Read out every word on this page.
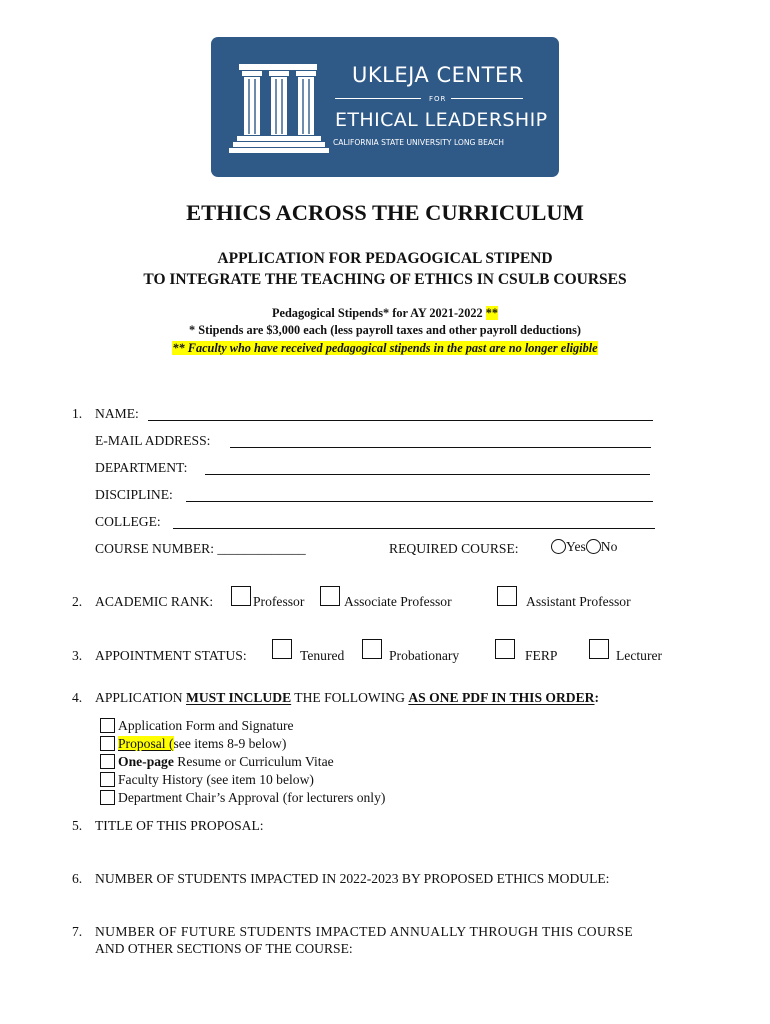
UKLEJA CENTER
FOR
ETHICAL LEADERSHIP
CALIFORNIA STATE UNIVERSITY LONG BEACH
ETHICS ACROSS THE CURRICULUM
APPLICATION FOR PEDAGOGICAL STIPEND
TO INTEGRATE THE TEACHING OF ETHICS IN CSULB COURSES
Pedagogical Stipends* for AY 2021-2022 **
* Stipends are $3,000 each (less payroll taxes and other payroll deductions)
** Faculty who have received pedagogical stipends in the past are no longer eligible
1. NAME:
E-MAIL ADDRESS:
DEPARTMENT:
DISCIPLINE:
COLLEGE:
COURSE NUMBER: _____________	REQUIRED COURSE:	Yes No
2. ACADEMIC RANK:	Professor	Associate Professor	Assistant Professor
3. APPOINTMENT STATUS:	Tenured	Probationary	FERP	Lecturer
4. APPLICATION MUST INCLUDE THE FOLLOWING AS ONE PDF IN THIS ORDER:
Application Form and Signature
Proposal (see items 8-9 below)
One-page Resume or Curriculum Vitae
Faculty History (see item 10 below)
Department Chair’s Approval (for lecturers only)
5. TITLE OF THIS PROPOSAL:
6. NUMBER OF STUDENTS IMPACTED IN 2022-2023 BY PROPOSED ETHICS MODULE:
7. NUMBER OF FUTURE STUDENTS IMPACTED ANNUALLY THROUGH THIS COURSE
AND OTHER SECTIONS OF THE COURSE:
